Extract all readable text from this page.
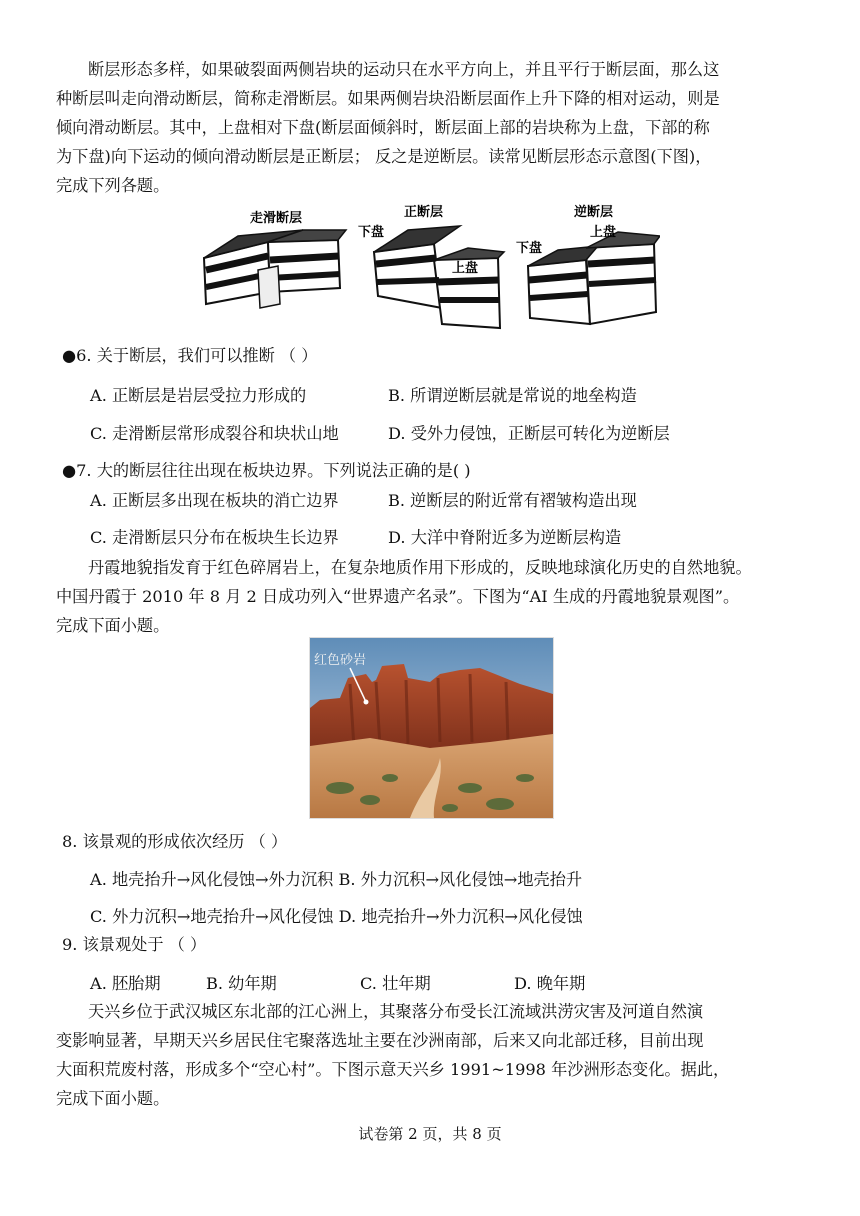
断层形态多样，如果破裂面两侧岩块的运动只在水平方向上，并且平行于断层面，那么这
种断层叫走向滑动断层，简称走滑断层。如果两侧岩块沿断层面作上升下降的相对运动，则是
倾向滑动断层。其中，上盘相对下盘(断层面倾斜时，断层面上部的岩块称为上盘，下部的称
为下盘)向下运动的倾向滑动断层是正断层； 反之是逆断层。读常见断层形态示意图(下图)，
完成下列各题。
走滑断层	正断层
下盘
上盘
逆断层
下盘
上盘
●6. 关于断层，我们可以推断 （ ）
A. 正断层是岩层受拉力形成的	B. 所谓逆断层就是常说的地垒构造
C. 走滑断层常形成裂谷和块状山地	D. 受外力侵蚀，正断层可转化为逆断层
●7. 大的断层往往出现在板块边界。下列说法正确的是( )
A. 正断层多出现在板块的消亡边界	B. 逆断层的附近常有褶皱构造出现
C. 走滑断层只分布在板块生长边界	D. 大洋中脊附近多为逆断层构造
丹霞地貌指发育于红色碎屑岩上，在复杂地质作用下形成的，反映地球演化历史的自然地貌。
中国丹霞于 2010 年 8 月 2 日成功列入“世界遗产名录”。下图为“AI 生成的丹霞地貌景观图”。
完成下面小题。
红色砂岩
8. 该景观的形成依次经历 （ ）
A. 地壳抬升→风化侵蚀→外力沉积 B. 外力沉积→风化侵蚀→地壳抬升
C. 外力沉积→地壳抬升→风化侵蚀 D. 地壳抬升→外力沉积→风化侵蚀
9. 该景观处于 （ ）
A. 胚胎期	B. 幼年期	C. 壮年期	D. 晚年期
天兴乡位于武汉城区东北部的江心洲上，其聚落分布受长江流域洪涝灾害及河道自然演
变影响显著，早期天兴乡居民住宅聚落选址主要在沙洲南部，后来又向北部迁移，目前出现
大面积荒废村落，形成多个“空心村”。下图示意天兴乡 1991~1998 年沙洲形态变化。据此，
完成下面小题。
试卷第 2 页，共 8 页
